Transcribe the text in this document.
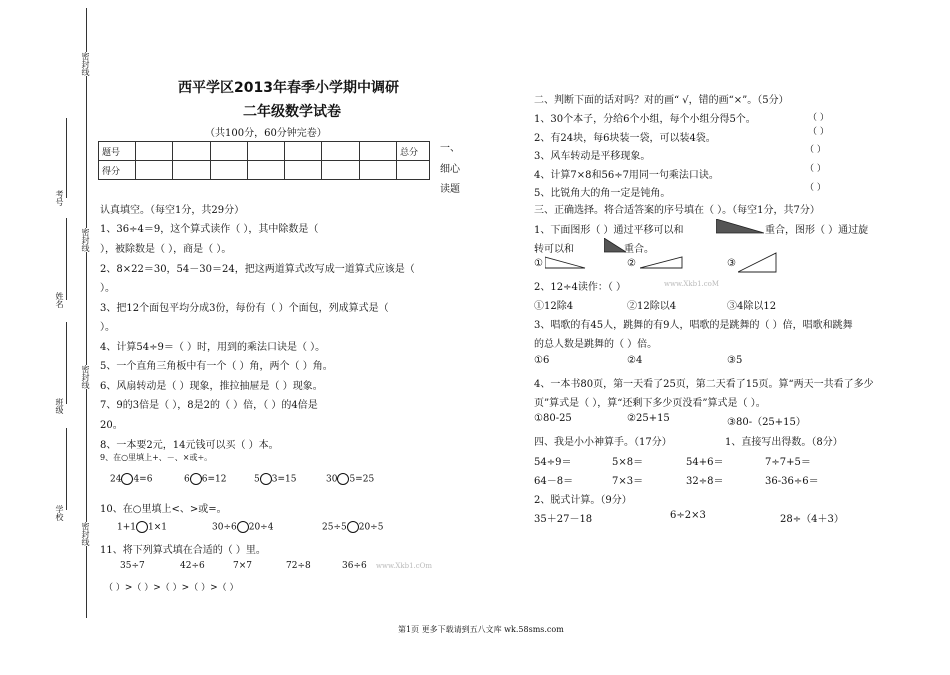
密封线
密封线
密封线
密封线
考号
姓名
班级
学校
西平学区2013年春季小学期中调研
二年级数学试卷
（共100分，60分钟完卷）
题号								总分
得分								
一、
细心
读题
认真填空。（每空1分，共29分）
1、36÷4＝9，这个算式读作（ ），其中除数是（
），被除数是（ ），商是（ ）。
2、8×22＝30，54－30＝24，把这两道算式改写成一道算式应该是（
）。
3、把12个面包平均分成3份，每份有（ ）个面包，列成算式是（
）。
4、计算54÷9＝（ ）时，用到的乘法口诀是（ ）。
5、一个直角三角板中有一个（ ）角，两个（ ）角。
6、风扇转动是（ ）现象，推拉抽屉是（ ）现象。
7、9的3倍是（ ），8是2的（ ）倍，（ ）的4倍是
20。
8、一本要2元，14元钱可以买（ ）本。
9、在○里填上+、－、×或÷。
24 4=6	6 6=12	5 3=15	30 5=25
10、在○里填上<、>或=。
1+1 1×1	30÷6 20÷4	25÷5 20÷5
11、将下列算式填在合适的（ ）里。
35÷7	42÷6	7×7	72÷8	36÷6 www.Xkb1.cOm
（ ）>（ ）>（ ）>（ ）>（ ）
二、判断下面的话对吗？对的画“ √，错的画“×”。（5分）
1、30个本子，分给6个小组，每个小组分得5个。
2、有24块，每6块装一袋，可以装4袋。
3、风车转动是平移现象。
4、计算7×8和56÷7用同一句乘法口诀。
5、比锐角大的角一定是钝角。
（ ）
（ ）
（ ）
（ ）
（ ）
三、正确选择。将合适答案的序号填在（ ）。（每空1分，共7分）
1、下面图形（ ）通过平移可以和	重合，图形（ ）通过旋
转可以和	重合。
①	②	③
2、12÷4读作：（ ）	www.Xkb1.coM
①12除4	②12除以4	③4除以12
3、唱歌的有45人，跳舞的有9人，唱歌的是跳舞的（ ）倍，唱歌和跳舞
的总人数是跳舞的（ ）倍。
①6	②4	③5
4、一本书80页，第一天看了25页，第二天看了15页。算“两天一共看了多少
页”算式是（ ），算“还剩下多少页没看”算式是（ ）。
①80-25	②25+15	③80-（25+15）
四、我是小小神算手。（17分）	1、直接写出得数。（8分）
54÷9＝	5×8＝	54+6＝	7÷7+5＝
64－8＝	7×3＝	32÷8＝	36-36÷6＝
2、脱式计算。（9分）
35＋27－18	6÷2×3	28÷（4＋3）
第1页 更多下载请到五八文库 wk.58sms.com
